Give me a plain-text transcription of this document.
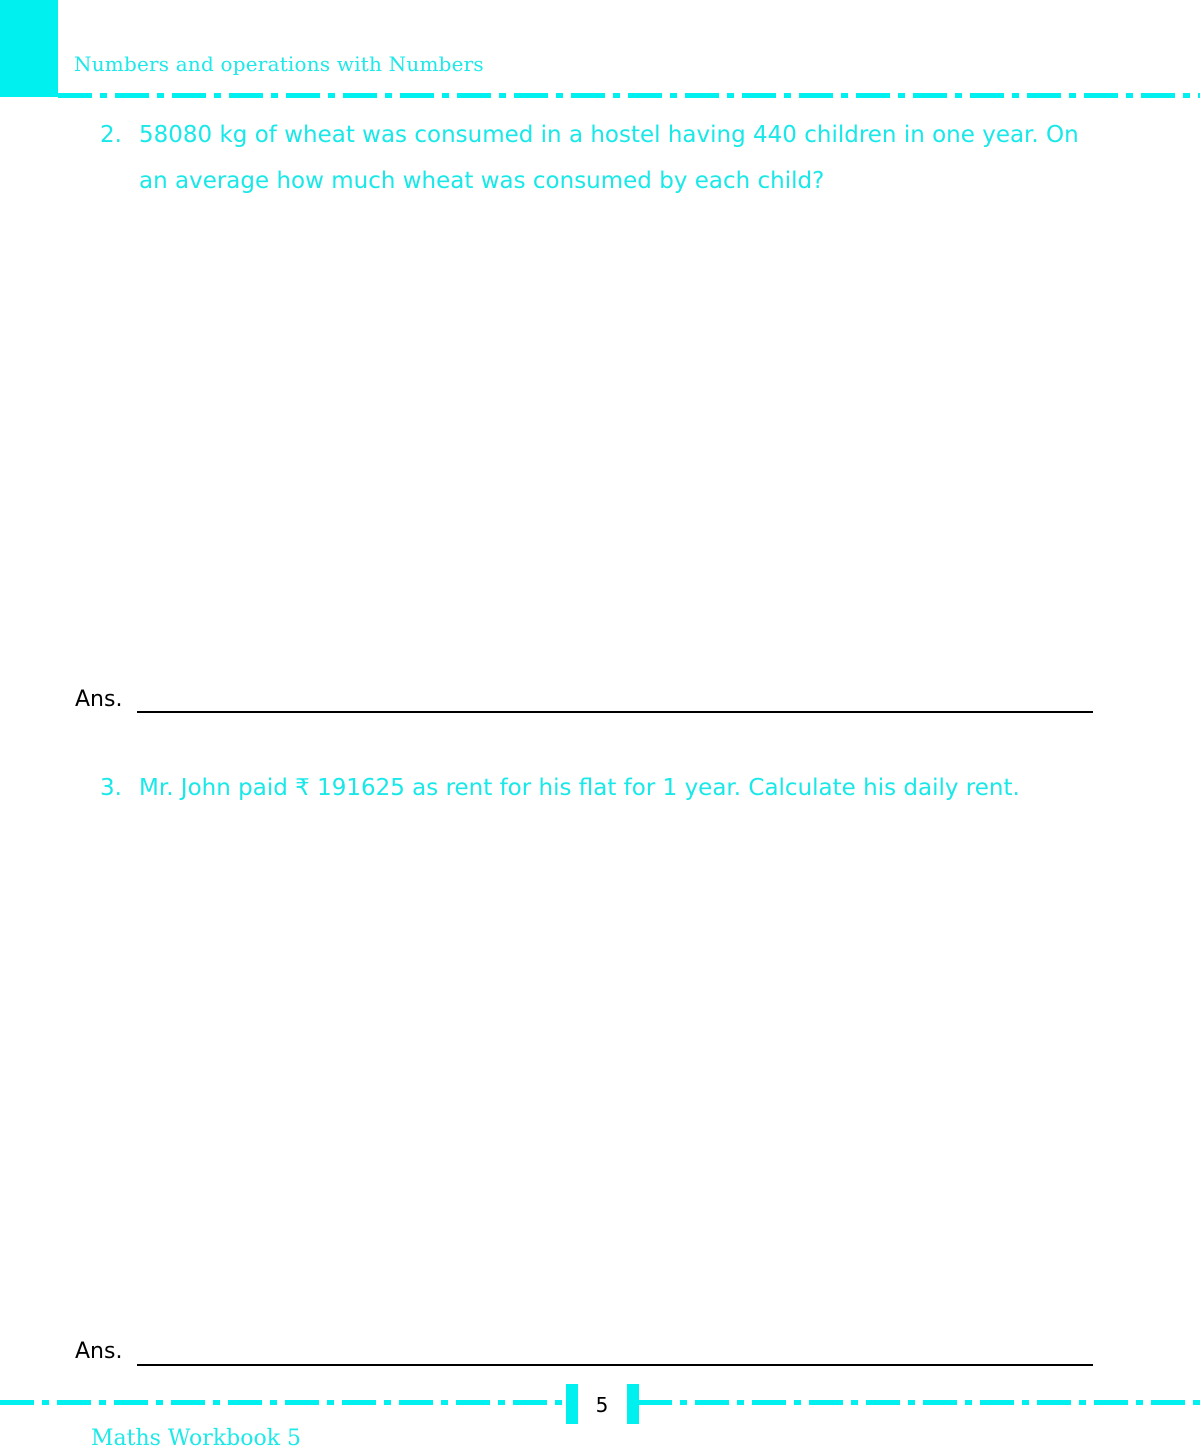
Numbers and operations with Numbers
2. 58080 kg of wheat was consumed in a hostel having 440 children in one year. On an average how much wheat was consumed by each child?
Ans.
3. Mr. John paid ₹ 191625 as rent for his flat for 1 year. Calculate his daily rent.
Ans.
5
Maths Workbook 5
